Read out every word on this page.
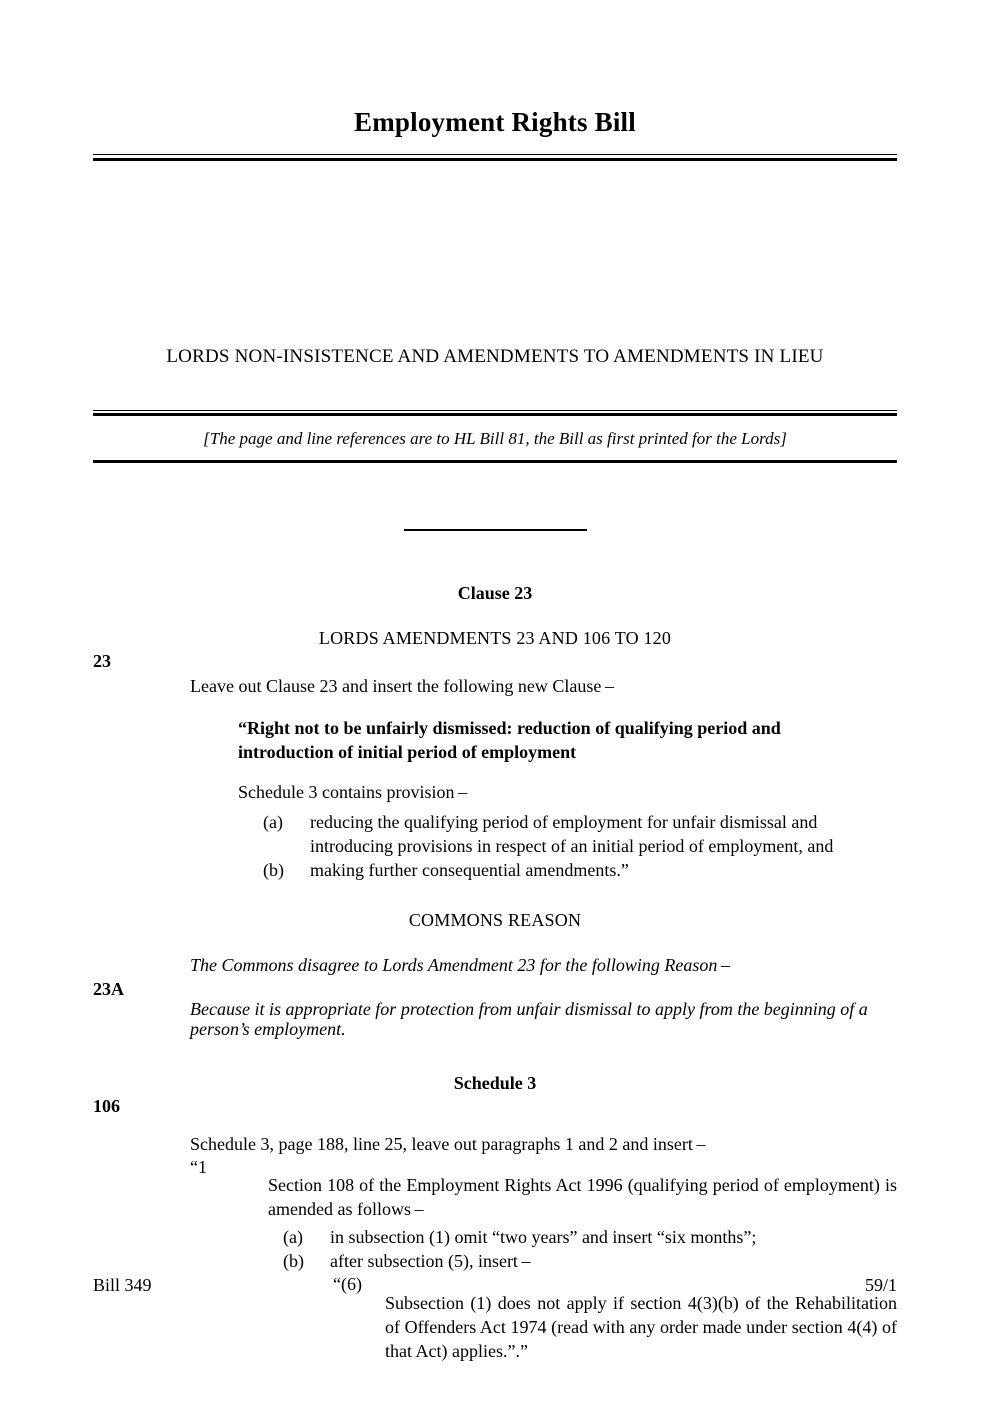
Employment Rights Bill
LORDS NON-INSISTENCE AND AMENDMENTS TO AMENDMENTS IN LIEU
[The page and line references are to HL Bill 81, the Bill as first printed for the Lords]
Clause 23
LORDS AMENDMENTS 23 AND 106 TO 120
23
Leave out Clause 23 and insert the following new Clause –
“Right not to be unfairly dismissed: reduction of qualifying period and
introduction of initial period of employment
Schedule 3 contains provision –
(a) reducing the qualifying period of employment for unfair dismissal and introducing provisions in respect of an initial period of employment, and
(b) making further consequential amendments.”
COMMONS REASON
The Commons disagree to Lords Amendment 23 for the following Reason –
23A
Because it is appropriate for protection from unfair dismissal to apply from the beginning of a person’s employment.
Schedule 3
106
Schedule 3, page 188, line 25, leave out paragraphs 1 and 2 and insert –
“1
Section 108 of the Employment Rights Act 1996 (qualifying period of employment) is amended as follows –
(a) in subsection (1) omit “two years” and insert “six months”;
(b) after subsection (5), insert –
“(6)
Subsection (1) does not apply if section 4(3)(b) of the Rehabilitation of Offenders Act 1974 (read with any order made under section 4(4) of that Act) applies.”.”
Bill 349	59/1
